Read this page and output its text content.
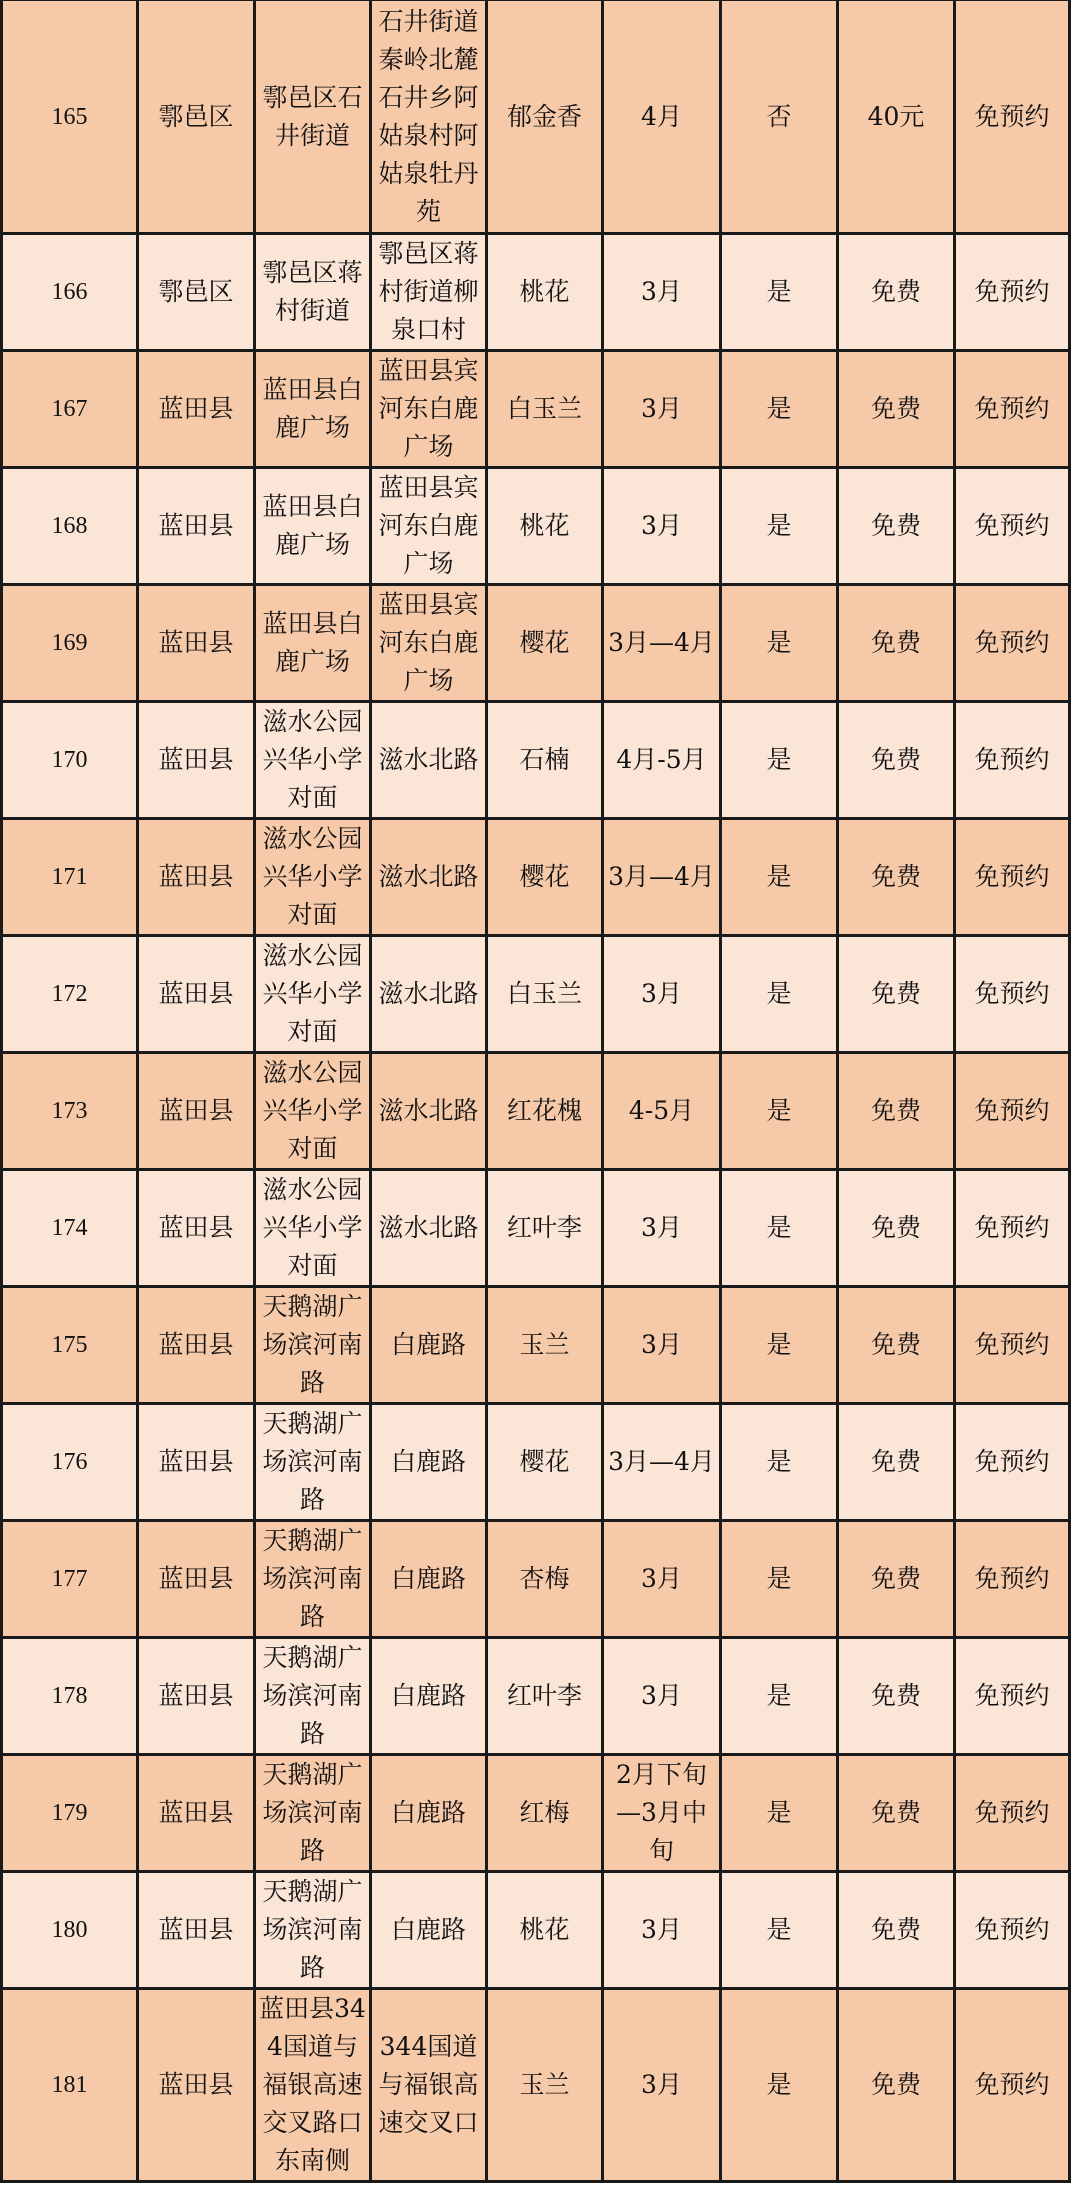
165	鄠邑区	鄠邑区石井街道	石井街道秦岭北麓石井乡阿姑泉村阿姑泉牡丹苑	郁金香	4月	否	40元	免预约
166	鄠邑区	鄠邑区蒋村街道	鄠邑区蒋村街道柳泉口村	桃花	3月	是	免费	免预约
167	蓝田县	蓝田县白鹿广场	蓝田县宾河东白鹿广场	白玉兰	3月	是	免费	免预约
168	蓝田县	蓝田县白鹿广场	蓝田县宾河东白鹿广场	桃花	3月	是	免费	免预约
169	蓝田县	蓝田县白鹿广场	蓝田县宾河东白鹿广场	樱花	3月—4月	是	免费	免预约
170	蓝田县	滋水公园兴华小学对面	滋水北路	石楠	4月-5月	是	免费	免预约
171	蓝田县	滋水公园兴华小学对面	滋水北路	樱花	3月—4月	是	免费	免预约
172	蓝田县	滋水公园兴华小学对面	滋水北路	白玉兰	3月	是	免费	免预约
173	蓝田县	滋水公园兴华小学对面	滋水北路	红花槐	4-5月	是	免费	免预约
174	蓝田县	滋水公园兴华小学对面	滋水北路	红叶李	3月	是	免费	免预约
175	蓝田县	天鹅湖广场滨河南路	白鹿路	玉兰	3月	是	免费	免预约
176	蓝田县	天鹅湖广场滨河南路	白鹿路	樱花	3月—4月	是	免费	免预约
177	蓝田县	天鹅湖广场滨河南路	白鹿路	杏梅	3月	是	免费	免预约
178	蓝田县	天鹅湖广场滨河南路	白鹿路	红叶李	3月	是	免费	免预约
179	蓝田县	天鹅湖广场滨河南路	白鹿路	红梅	2月下旬—3月中旬	是	免费	免预约
180	蓝田县	天鹅湖广场滨河南路	白鹿路	桃花	3月	是	免费	免预约
181	蓝田县	蓝田县344国道与福银高速交叉路口东南侧	344国道与福银高速交叉口	玉兰	3月	是	免费	免预约
